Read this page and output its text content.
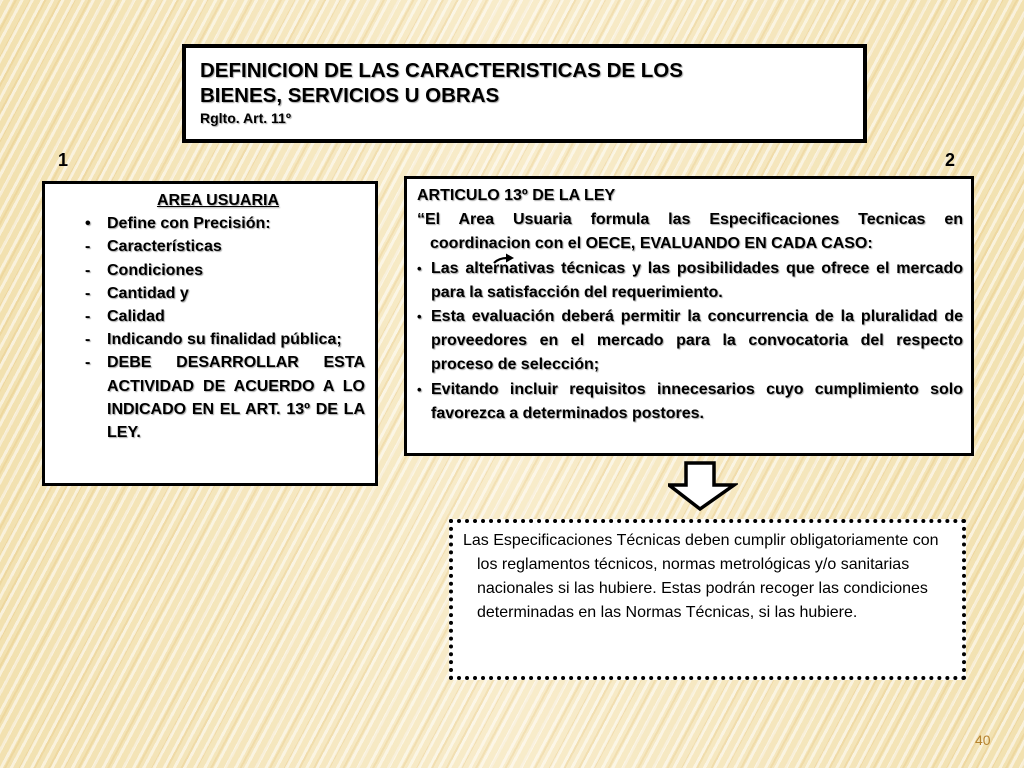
DEFINICION DE LAS CARACTERISTICAS DE LOS
BIENES, SERVICIOS U OBRAS
Rglto. Art. 11º
1	2
AREA USUARIA
• Define con Precisión:
- Características
- Condiciones
- Cantidad y
- Calidad
- Indicando su finalidad pública;
- DEBE DESARROLLAR ESTA ACTIVIDAD DE ACUERDO A LO INDICADO EN EL ART. 13º DE LA LEY.
ARTICULO 13º DE LA LEY
“El Area Usuaria formula las Especificaciones Tecnicas en coordinacion con el OECE, EVALUANDO EN CADA CASO:
• Las alternativas técnicas y las posibilidades que ofrece el mercado para la satisfacción del requerimiento.
• Esta evaluación deberá permitir la concurrencia de la pluralidad de proveedores en el mercado para la convocatoria del respecto proceso de selección;
• Evitando incluir requisitos innecesarios cuyo cumplimiento solo favorezca a determinados postores.
Las Especificaciones Técnicas deben cumplir obligatoriamente con los reglamentos técnicos, normas metrológicas y/o sanitarias nacionales si las hubiere. Estas podrán recoger las condiciones determinadas en las Normas Técnicas, si las hubiere.
40
